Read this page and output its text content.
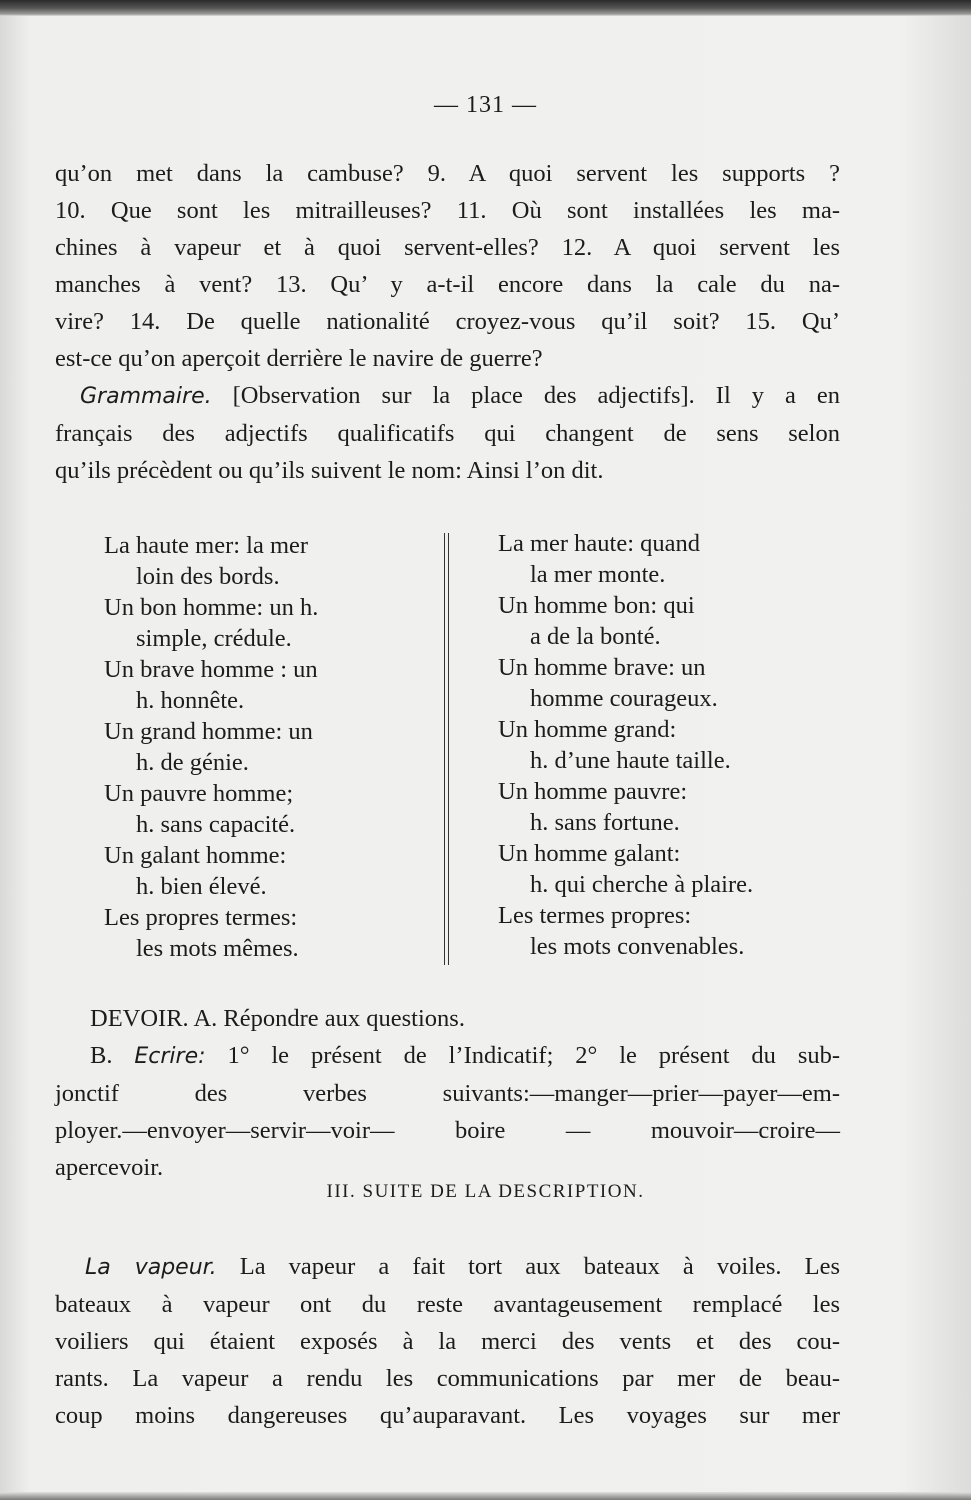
— 131 —
qu’on met dans la cambuse? 9. A quoi servent les supports ?
10. Que sont les mitrailleuses? 11. Où sont installées les ma-
chines à vapeur et à quoi servent-elles? 12. A quoi servent les
manches à vent? 13. Qu’ y a-t-il encore dans la cale du na-
vire? 14. De quelle nationalité croyez-vous qu’il soit? 15. Qu’
est-ce qu’on aperçoit derrière le navire de guerre?
Grammaire. [Observation sur la place des adjectifs]. Il y a en
français des adjectifs qualificatifs qui changent de sens selon
qu’ils précèdent ou qu’ils suivent le nom: Ainsi l’on dit.
La haute mer: la mer
loin des bords.
Un bon homme: un h.
simple, crédule.
Un brave homme : un
h. honnête.
Un grand homme: un
h. de génie.
Un pauvre homme;
h. sans capacité.
Un galant homme:
h. bien élevé.
Les propres termes:
les mots mêmes.
La mer haute: quand
la mer monte.
Un homme bon: qui
a de la bonté.
Un homme brave: un
homme courageux.
Un homme grand:
h. d’une haute taille.
Un homme pauvre:
h. sans fortune.
Un homme galant:
h. qui cherche à plaire.
Les termes propres:
les mots convenables.
DEVOIR. A. Répondre aux questions.
B. Ecrire: 1° le présent de l’Indicatif; 2° le présent du sub-
jonctif des verbes suivants:—manger—prier—payer—em-
ployer.—envoyer—servir—voir— boire — mouvoir—croire—
apercevoir.
III. SUITE DE LA DESCRIPTION.
La vapeur. La vapeur a fait tort aux bateaux à voiles. Les
bateaux à vapeur ont du reste avantageusement remplacé les
voiliers qui étaient exposés à la merci des vents et des cou-
rants. La vapeur a rendu les communications par mer de beau-
coup moins dangereuses qu’auparavant. Les voyages sur mer
